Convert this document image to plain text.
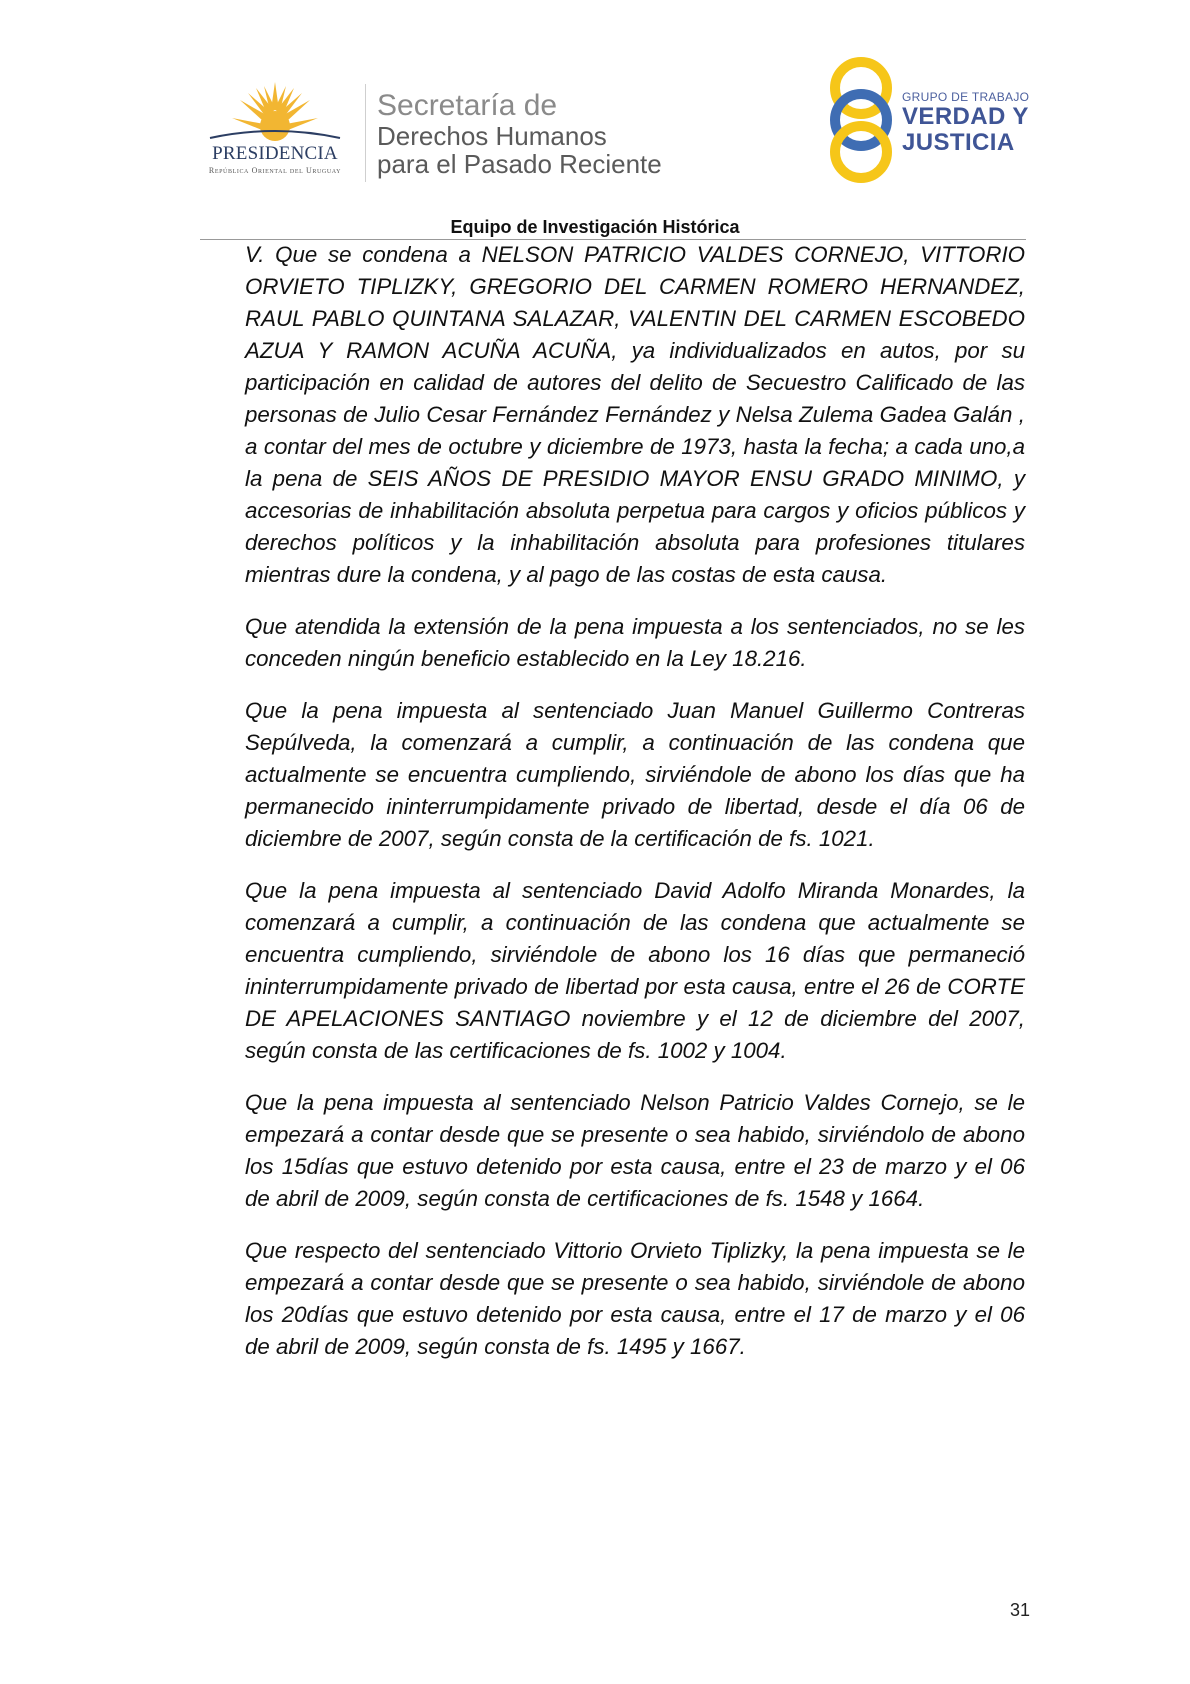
PRESIDENCIA
República Oriental del Uruguay
Secretaría de
Derechos Humanos
para el Pasado Reciente
GRUPO DE TRABAJO
VERDAD Y
JUSTICIA
Equipo de Investigación Histórica

V. Que se condena a NELSON PATRICIO VALDES CORNEJO, VITTORIO ORVIETO TIPLIZKY, GREGORIO DEL CARMEN ROMERO HERNANDEZ, RAUL PABLO QUINTANA SALAZAR, VALENTIN DEL CARMEN ESCOBEDO AZUA Y RAMON ACUÑA ACUÑA, ya individualizados en autos, por su participación en calidad de autores del delito de Secuestro Calificado de las personas de Julio Cesar Fernández Fernández y Nelsa Zulema Gadea Galán , a contar del mes de octubre y diciembre de 1973, hasta la fecha; a cada uno,a la pena de SEIS AÑOS DE PRESIDIO MAYOR ENSU GRADO MINIMO, y accesorias de inhabilitación absoluta perpetua para cargos y oficios públicos y derechos políticos y la inhabilitación absoluta para profesiones titulares mientras dure la condena, y al pago de las costas de esta causa.

Que atendida la extensión de la pena impuesta a los sentenciados, no se les conceden ningún beneficio establecido en la Ley 18.216.

Que la pena impuesta al sentenciado Juan Manuel Guillermo Contreras Sepúlveda, la comenzará a cumplir, a continuación de las condena que actualmente se encuentra cumpliendo, sirviéndole de abono los días que ha permanecido ininterrumpidamente privado de libertad, desde el día 06 de diciembre de 2007, según consta de la certificación de fs. 1021.

Que la pena impuesta al sentenciado David Adolfo Miranda Monardes, la comenzará a cumplir, a continuación de las condena que actualmente se encuentra cumpliendo, sirviéndole de abono los 16 días que permaneció ininterrumpidamente privado de libertad por esta causa, entre el 26 de CORTE DE APELACIONES SANTIAGO noviembre y el 12 de diciembre del 2007, según consta de las certificaciones de fs. 1002 y 1004.

Que la pena impuesta al sentenciado Nelson Patricio Valdes Cornejo, se le empezará a contar desde que se presente o sea habido, sirviéndolo de abono los 15días que estuvo detenido por esta causa, entre el 23 de marzo y el 06 de abril de 2009, según consta de certificaciones de fs. 1548 y 1664.

Que respecto del sentenciado Vittorio Orvieto Tiplizky, la pena impuesta se le empezará a contar desde que se presente o sea habido, sirviéndole de abono los 20días que estuvo detenido por esta causa, entre el 17 de marzo y el 06 de abril de 2009, según consta de fs. 1495 y 1667.

31
